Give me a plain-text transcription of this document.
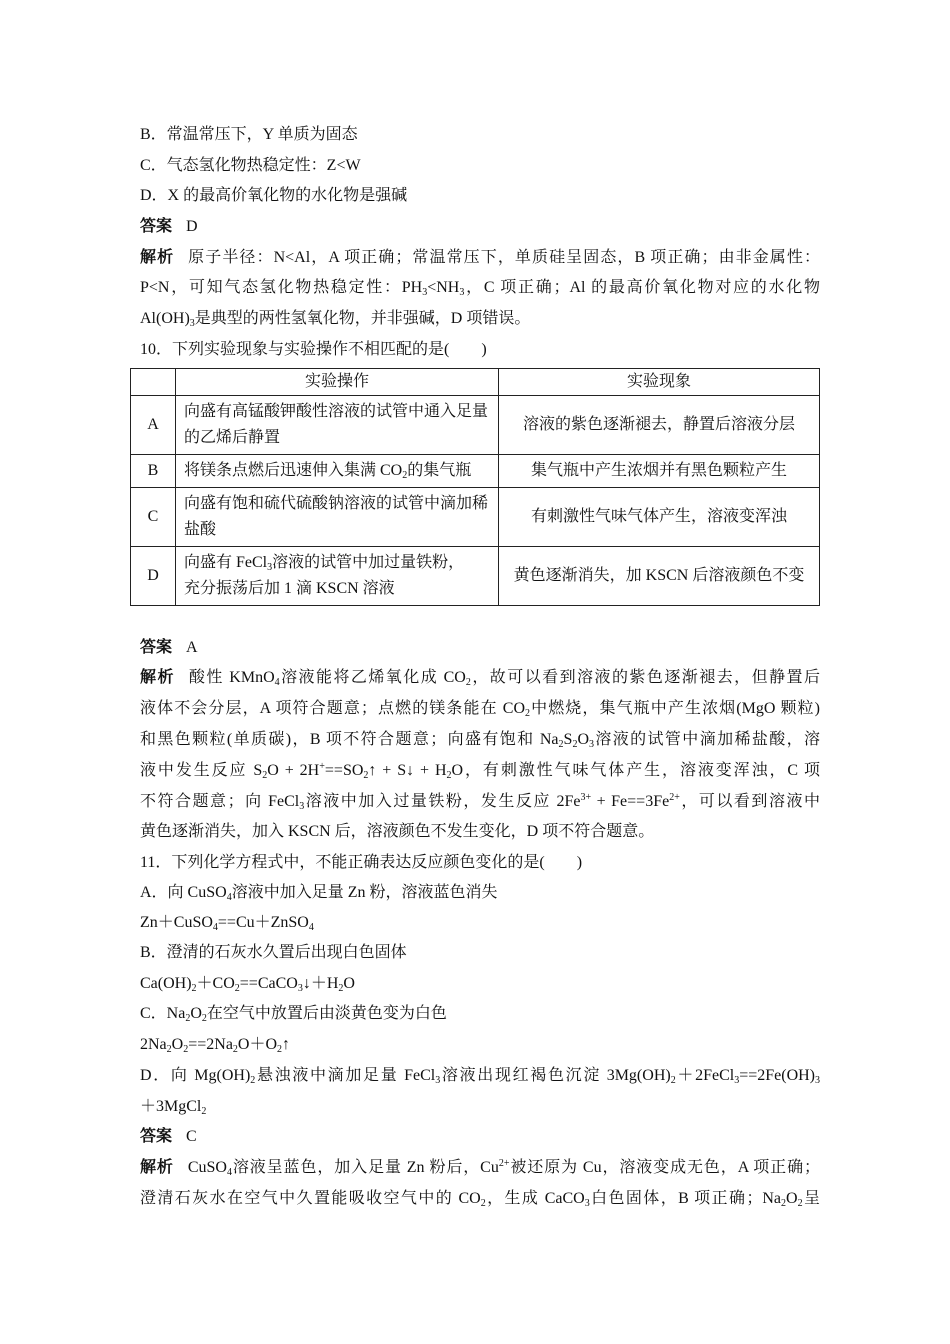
B．常温常压下，Y 单质为固态
C．气态氢化物热稳定性：Z<W
D．X 的最高价氧化物的水化物是强碱
答案 D
解析 原子半径：N<Al，A 项正确；常温常压下，单质硅呈固态，B 项正确；由非金属性：
P<N，可知气态氢化物热稳定性：$PH_3<NH_3$，C 项正确；Al 的最高价氧化物对应的水化物
$Al(OH)_3$是典型的两性氢氧化物，并非强碱，D 项错误。
10．下列实验现象与实验操作不相匹配的是(　　)
	实验操作	实验现象
A	向盛有高锰酸钾酸性溶液的试管中通入足量的乙烯后静置	溶液的紫色逐渐褪去，静置后溶液分层
B	将镁条点燃后迅速伸入集满 $CO_2$的集气瓶	集气瓶中产生浓烟并有黑色颗粒产生
C	向盛有饱和硫代硫酸钠溶液的试管中滴加稀盐酸	有刺激性气味气体产生，溶液变浑浊
D	向盛有 FeCl$_3$溶液的试管中加过量铁粉，
充分振荡后加 1 滴 KSCN 溶液	黄色逐渐消失，加 KSCN 后溶液颜色不变
答案 A
解析 酸性 KMnO$_4$溶液能将乙烯氧化成 $CO_2$，故可以看到溶液的紫色逐渐褪去，但静置后
液体不会分层，A 项符合题意；点燃的镁条能在 $CO_2$中燃烧，集气瓶中产生浓烟(MgO 颗粒)
和黑色颗粒(单质碳)，B 项不符合题意；向盛有饱和 $Na_2S_2O_3$溶液的试管中滴加稀盐酸，溶
液中发生反应 $S_2O$ + $2H^+==SO_2↑$ + S↓ + $H_2O$，有刺激性气味气体产生，溶液变浑浊，C 项
不符合题意；向 FeCl$_3$溶液中加入过量铁粉，发生反应 $2Fe^{3+} + Fe==3Fe^{2+}$，可以看到溶液中
黄色逐渐消失，加入 KSCN 后，溶液颜色不发生变化，D 项不符合题意。
11．下列化学方程式中，不能正确表达反应颜色变化的是(　　)
A．向 CuSO$_4$溶液中加入足量 Zn 粉，溶液蓝色消失
Zn＋CuSO$_4$==Cu＋ZnSO$_4$
B．澄清的石灰水久置后出现白色固体
$Ca(OH)_2+CO_2==CaCO_3↓+H_2O$
C．$Na_2O_2$在空气中放置后由淡黄色变为白色
$2Na_2O_2==2Na_2O+O_2↑$
D．向 $Mg(OH)_2$悬浊液中滴加足量 FeCl$_3$溶液出现红褐色沉淀 $3Mg(OH)_2+2FeCl_3==2Fe(OH)_3$
＋3MgCl$_2$
答案 C
解析 CuSO$_4$溶液呈蓝色，加入足量 Zn 粉后，$Cu^{2+}$被还原为 Cu，溶液变成无色，A 项正确；
澄清石灰水在空气中久置能吸收空气中的 $CO_2$，生成 CaCO$_3$白色固体，B 项正确；$Na_2O_2$呈
